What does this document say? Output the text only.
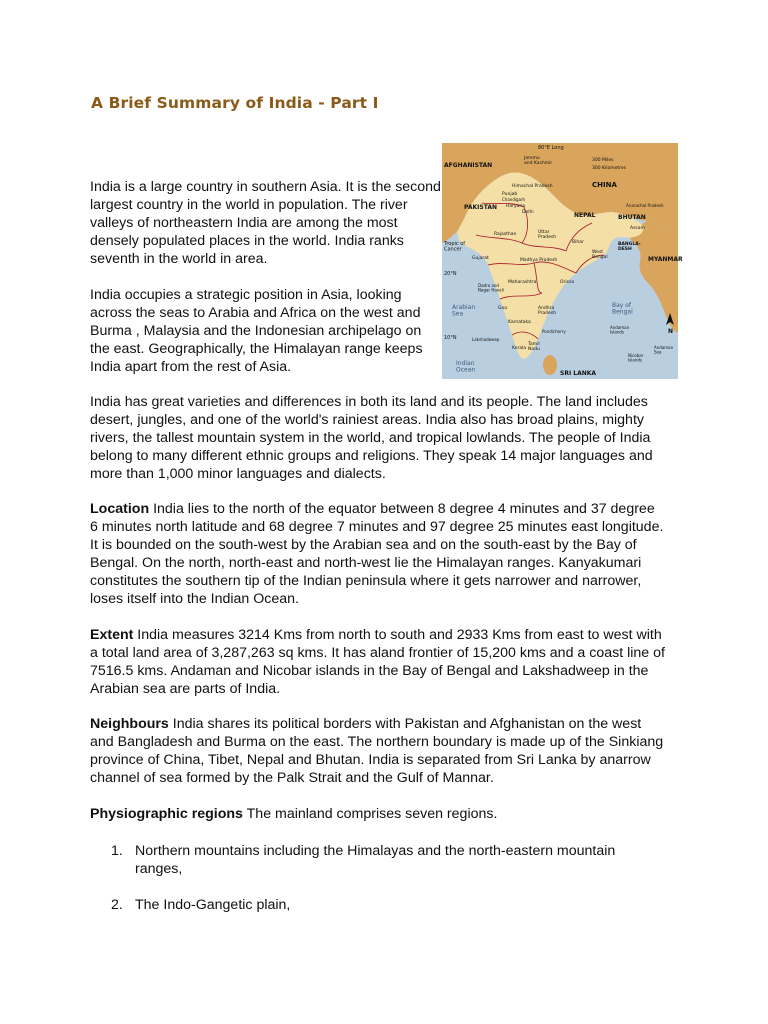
A Brief Summary of India - Part I
AFGHANISTAN
CHINA
PAKISTAN
NEPAL	BHUTAN
MYANMAR
Tropic of Cancer
20°N
10°N
Arabian Sea
Bay of Bengal
Indian Ocean	SRI LANKA
80°E Long
300 Miles
300 Kilometres
N
Rajasthan
Madhya Pradesh
Gujarat
Maharashtra
Karnataka
Kerala
Goa	Andhra Pradesh
Tamil Nadu
Orissa
Bihar
Uttar Pradesh
Punjab
Haryana
Delhi
Himachal Pradesh
Jammu and Kashmir
Chandigarh
West Bengal
BANGLA-DESH
Assam
Arunachal Pradesh
Dadra and Nagar Haveli
Lakshadweep
Pondicherry
Andaman Islands
Andaman Sea
Nicobar Islands

India is a large country in southern Asia. It is the second largest country in the world in population. The river valleys of northeastern India are among the most densely populated places in the world. India ranks seventh in the world in area.

India occupies a strategic position in Asia, looking across the seas to Arabia and Africa on the west and Burma , Malaysia and the Indonesian archipelago on the east. Geographically, the Himalayan range keeps India apart from the rest of Asia.

India has great varieties and differences in both its land and its people. The land includes desert, jungles, and one of the world's rainiest areas. India also has broad plains, mighty rivers, the tallest mountain system in the world, and tropical lowlands. The people of India belong to many different ethnic groups and religions. They speak 14 major languages and more than 1,000 minor languages and dialects.

Location India lies to the north of the equator between 8 degree 4 minutes and 37 degree 6 minutes north latitude and 68 degree 7 minutes and 97 degree 25 minutes east longitude. It is bounded on the south-west by the Arabian sea and on the south-east by the Bay of Bengal. On the north, north-east and north-west lie the Himalayan ranges. Kanyakumari constitutes the southern tip of the Indian peninsula where it gets narrower and narrower, loses itself into the Indian Ocean.

Extent India measures 3214 Kms from north to south and 2933 Kms from east to west with a total land area of 3,287,263 sq kms. It has aland frontier of 15,200 kms and a coast line of 7516.5 kms. Andaman and Nicobar islands in the Bay of Bengal and Lakshadweep in the Arabian sea are parts of India.

Neighbours India shares its political borders with Pakistan and Afghanistan on the west and Bangladesh and Burma on the east. The northern boundary is made up of the Sinkiang province of China, Tibet, Nepal and Bhutan. India is separated from Sri Lanka by anarrow channel of sea formed by the Palk Strait and the Gulf of Mannar.

Physiographic regions The mainland comprises seven regions.

1. Northern mountains including the Himalayas and the north-eastern mountain ranges,
2. The Indo-Gangetic plain,
